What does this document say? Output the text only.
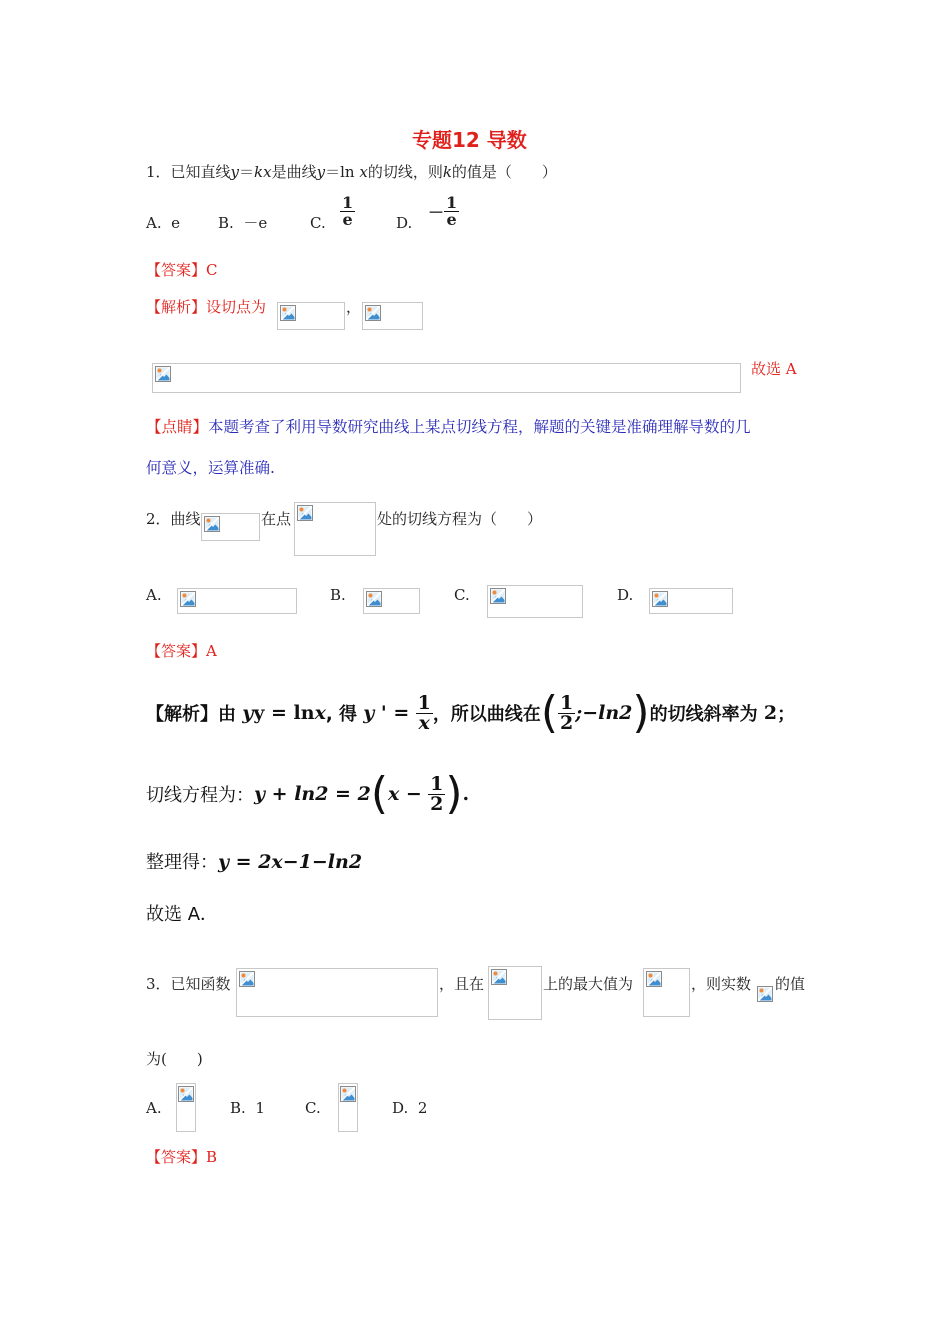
专题12 导数
1．已知直线y＝kx是曲线y＝ln x的切线，则k的值是（　　）
A. e	B. －e	C. $\frac{1}{e}$	D.
－ $\frac{1}{e}$
【答案】C
【解析】设切点为	，
故选 A
【点睛】本题考查了利用导数研究曲线上某点切线方程，解题的关键是准确理解导数的几
何意义，运算准确.
2．曲线	在点	处的切线方程为（　　）
A.	B.	C.	D.
【答案】A
【解析】 由
y y = ln x , 得
y ' =
$\frac{1}{x}$ ，所以曲线在 ( $\frac{1}{2}$ ;−ln2 ) 的切线斜率为
2 ；
切线方程为： y + ln2 = 2 ( x −
$\frac{1}{2}$ ) .
整理得：y = 2x−1−ln2
故选 A．
3．已知函数	，且在	上的最大值为	，则实数 的值
为(　　)
A.	B. 1	C.	D. 2
【答案】B
